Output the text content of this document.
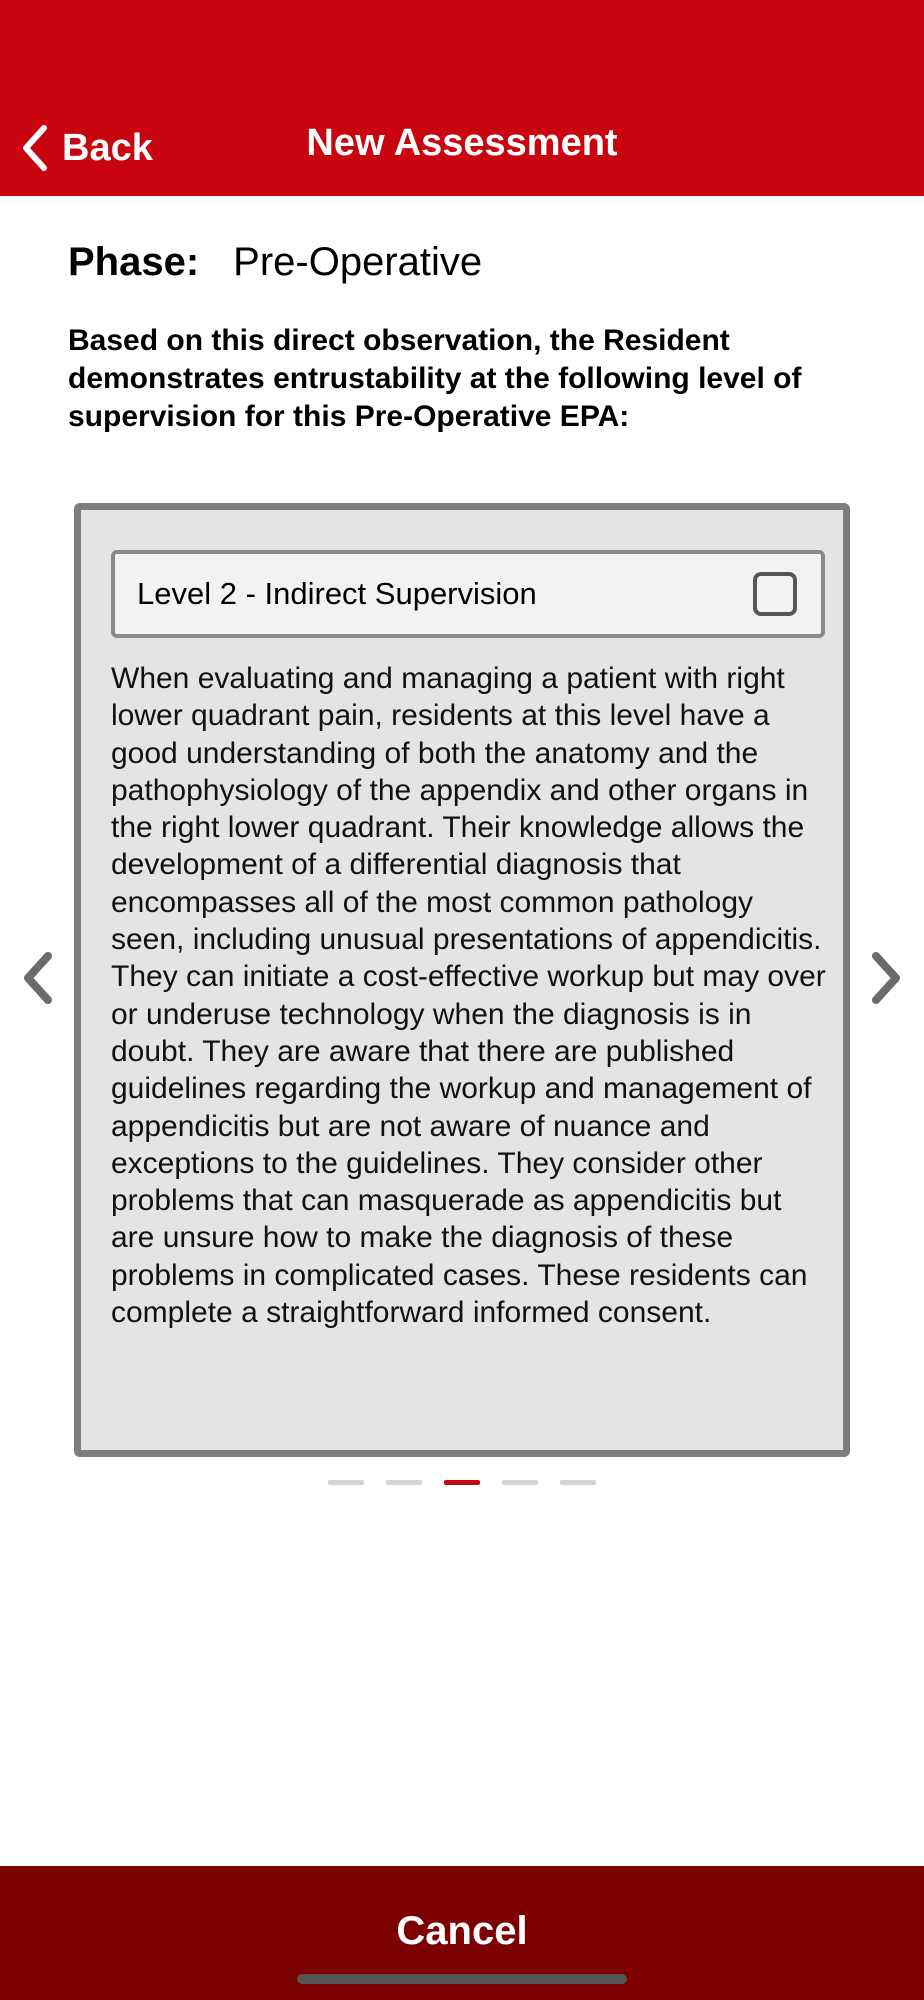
Back	New Assessment
Phase: Pre-Operative
Based on this direct observation, the Resident demonstrates entrustability at the following level of supervision for this Pre-Operative EPA:
Level 2 - Indirect Supervision
When evaluating and managing a patient with right lower quadrant pain, residents at this level have a good understanding of both the anatomy and the pathophysiology of the appendix and other organs in the right lower quadrant. Their knowledge allows the development of a differential diagnosis that encompasses all of the most common pathology seen, including unusual presentations of appendicitis. They can initiate a cost-effective workup but may over or underuse technology when the diagnosis is in doubt. They are aware that there are published guidelines regarding the workup and management of appendicitis but are not aware of nuance and exceptions to the guidelines. They consider other problems that can masquerade as appendicitis but are unsure how to make the diagnosis of these problems in complicated cases. These residents can complete a straightforward informed consent.
Cancel
